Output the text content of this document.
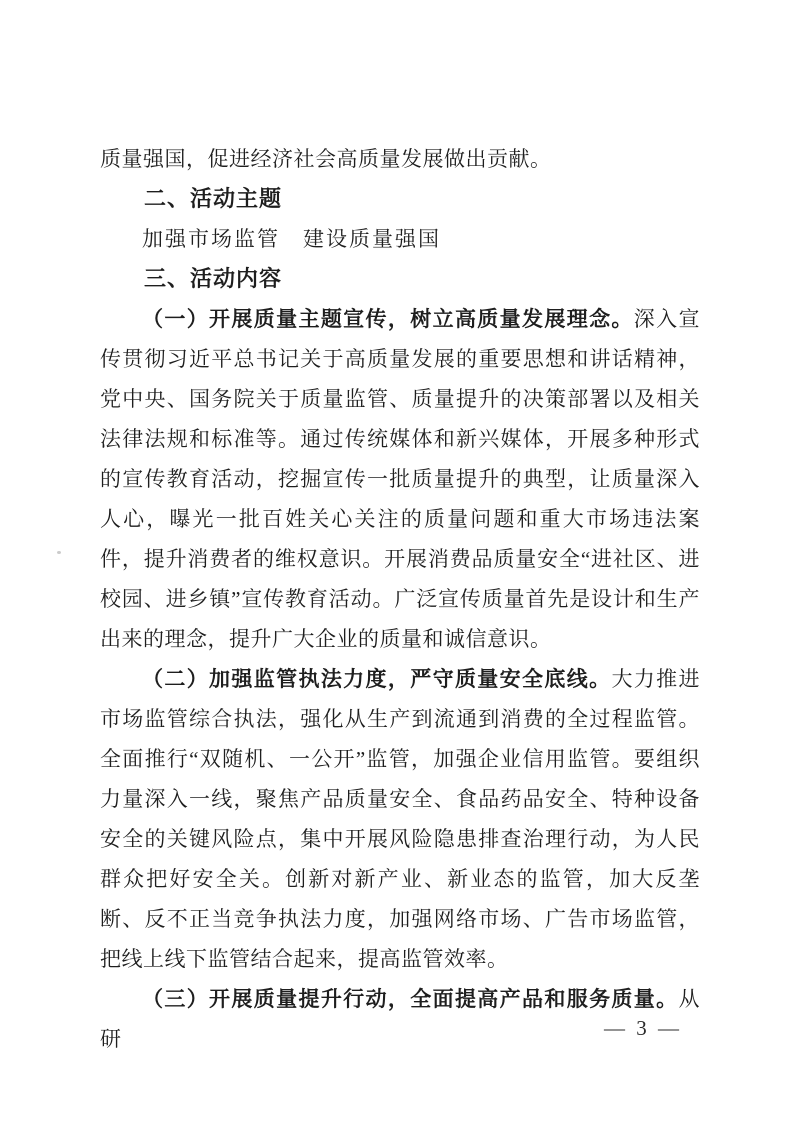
质量强国，促进经济社会高质量发展做出贡献。

二、活动主题

加强市场监管　建设质量强国

三、活动内容

（一）开展质量主题宣传，树立高质量发展理念。深入宣传贯彻习近平总书记关于高质量发展的重要思想和讲话精神，党中央、国务院关于质量监管、质量提升的决策部署以及相关法律法规和标准等。通过传统媒体和新兴媒体，开展多种形式的宣传教育活动，挖掘宣传一批质量提升的典型，让质量深入人心，曝光一批百姓关心关注的质量问题和重大市场违法案件，提升消费者的维权意识。开展消费品质量安全“进社区、进校园、进乡镇”宣传教育活动。广泛宣传质量首先是设计和生产出来的理念，提升广大企业的质量和诚信意识。

（二）加强监管执法力度，严守质量安全底线。大力推进市场监管综合执法，强化从生产到流通到消费的全过程监管。全面推行“双随机、一公开”监管，加强企业信用监管。要组织力量深入一线，聚焦产品质量安全、食品药品安全、特种设备安全的关键风险点，集中开展风险隐患排查治理行动，为人民群众把好安全关。创新对新产业、新业态的监管，加大反垄断、反不正当竞争执法力度，加强网络市场、广告市场监管，把线上线下监管结合起来，提高监管效率。

（三）开展质量提升行动，全面提高产品和服务质量。从研	— 3 —
